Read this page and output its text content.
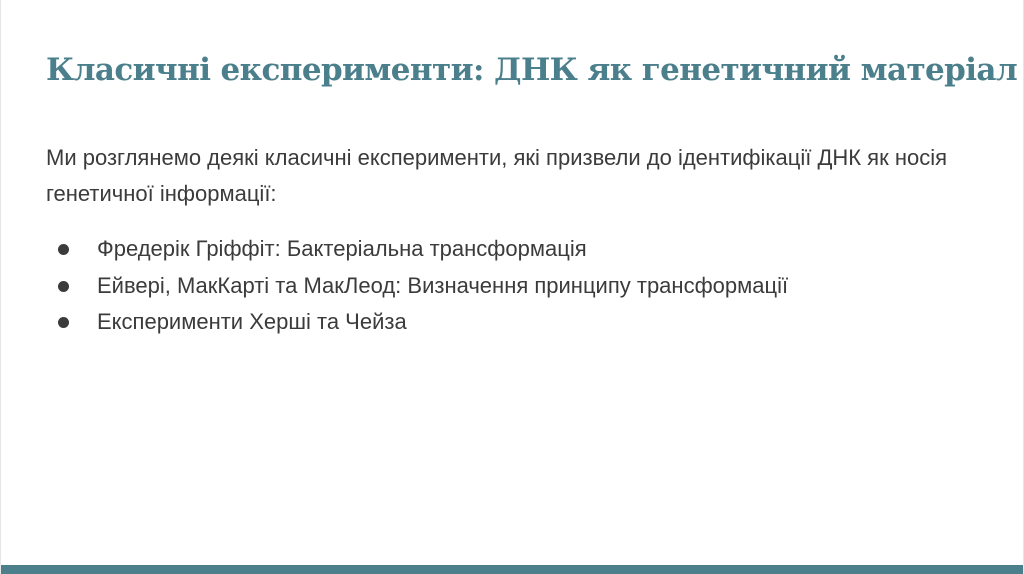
Класичні експерименти: ДНК як генетичний матеріал

Ми розглянемо деякі класичні експерименти, які призвели до ідентифікації ДНК як носія генетичної інформації:

Фредерік Гріффіт: Бактеріальна трансформація
Ейвері, МакКарті та МакЛеод: Визначення принципу трансформації
Експерименти Херші та Чейза
